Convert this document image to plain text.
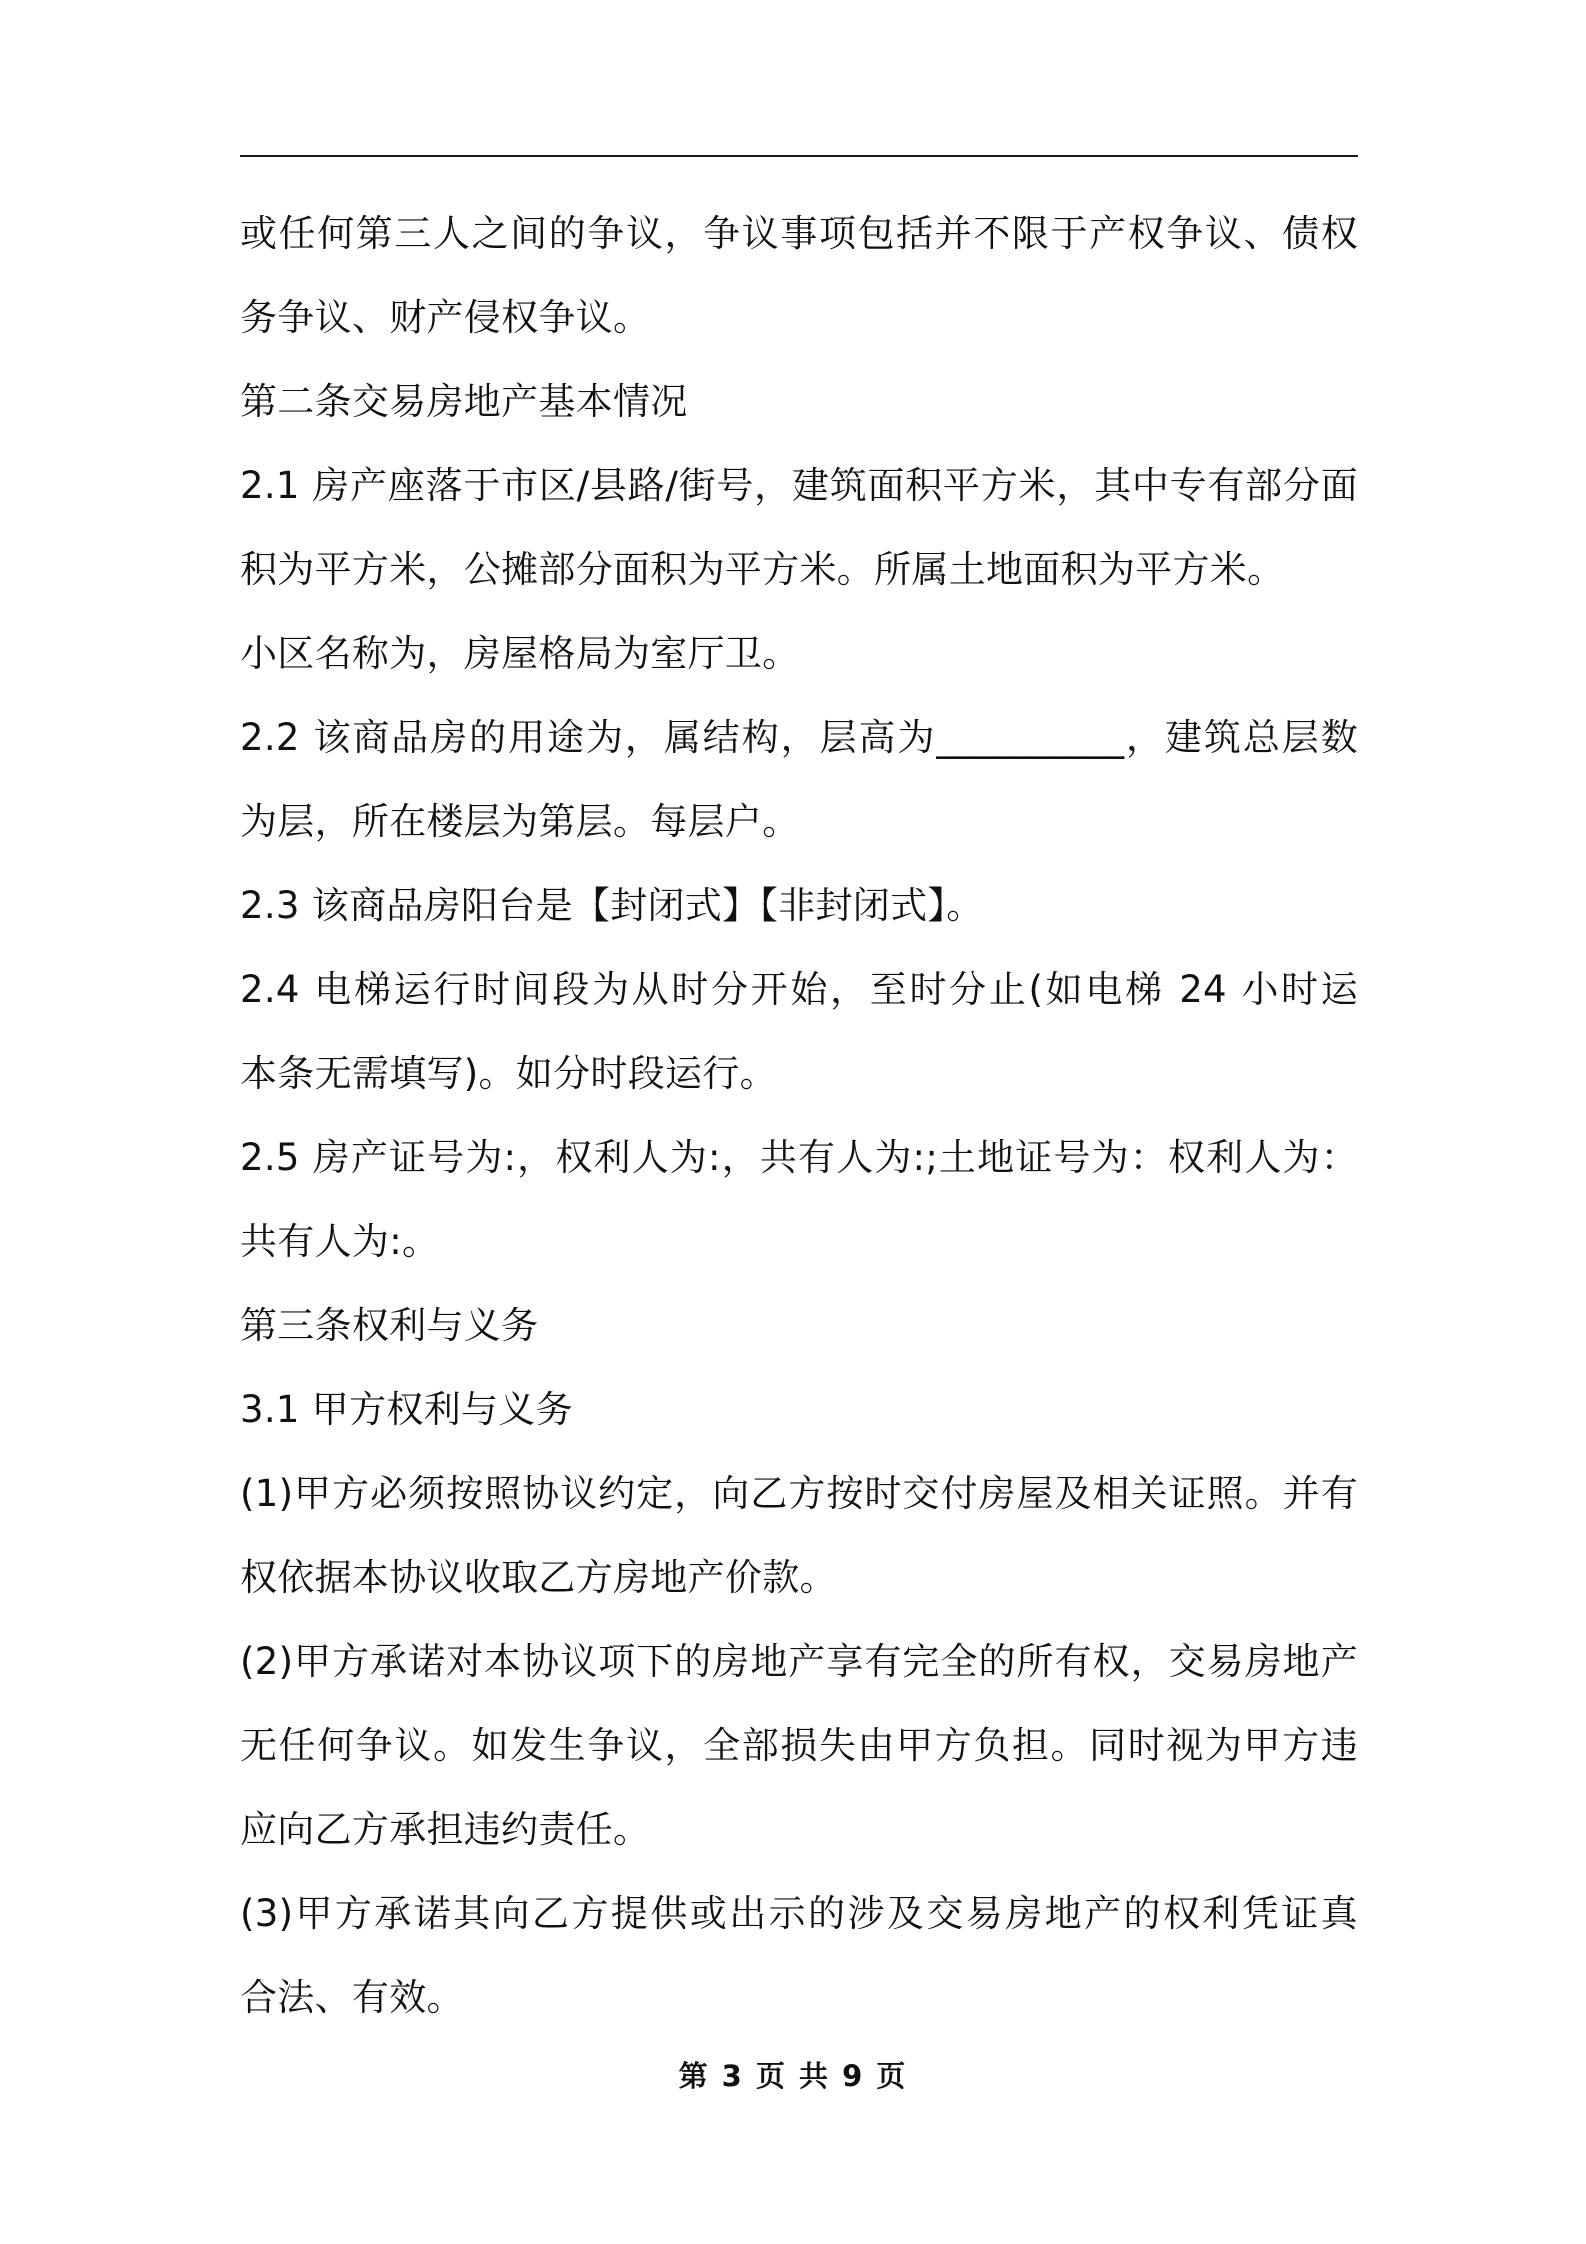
或任何第三人之间的争议，争议事项包括并不限于产权争议、债权
务争议、财产侵权争议。
第二条交易房地产基本情况
2.1 房产座落于市区/县路/街号，建筑面积平方米，其中专有部分面
积为平方米，公摊部分面积为平方米。所属土地面积为平方米。
小区名称为，房屋格局为室厅卫。
2.2 该商品房的用途为，属结构，层高为__________，建筑总层数
为层，所在楼层为第层。每层户。
2.3 该商品房阳台是【封闭式】【非封闭式】。
2.4 电梯运行时间段为从时分开始，至时分止(如电梯 24 小时运
本条无需填写)。如分时段运行。
2.5 房产证号为:，权利人为:，共有人为:;土地证号为：权利人为：
共有人为:。
第三条权利与义务
3.1 甲方权利与义务
(1)甲方必须按照协议约定，向乙方按时交付房屋及相关证照。并有
权依据本协议收取乙方房地产价款。
(2)甲方承诺对本协议项下的房地产享有完全的所有权，交易房地产
无任何争议。如发生争议，全部损失由甲方负担。同时视为甲方违
应向乙方承担违约责任。
(3)甲方承诺其向乙方提供或出示的涉及交易房地产的权利凭证真
合法、有效。
第 3 页 共 9 页
